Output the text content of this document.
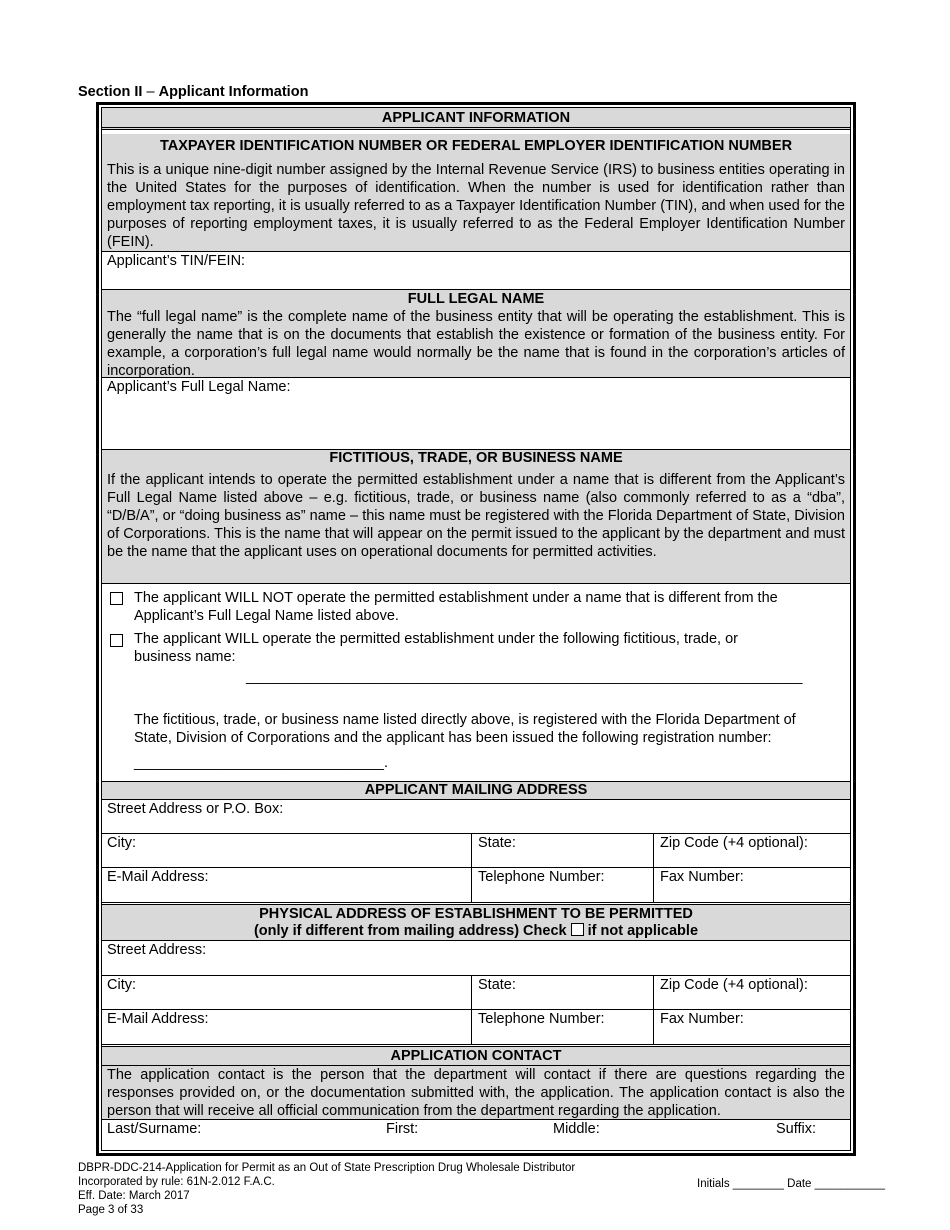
Section II – Applicant Information
APPLICANT INFORMATION
TAXPAYER IDENTIFICATION NUMBER OR FEDERAL EMPLOYER IDENTIFICATION NUMBER
This is a unique nine-digit number assigned by the Internal Revenue Service (IRS) to business entities operating in the United States for the purposes of identification. When the number is used for identification rather than employment tax reporting, it is usually referred to as a Taxpayer Identification Number (TIN), and when used for the purposes of reporting employment taxes, it is usually referred to as the Federal Employer Identification Number (FEIN).
Applicant’s TIN/FEIN:
FULL LEGAL NAME
The “full legal name” is the complete name of the business entity that will be operating the establishment. This is generally the name that is on the documents that establish the existence or formation of the business entity. For example, a corporation’s full legal name would normally be the name that is found in the corporation’s articles of incorporation.
Applicant’s Full Legal Name:
FICTITIOUS, TRADE, OR BUSINESS NAME
If the applicant intends to operate the permitted establishment under a name that is different from the Applicant’s Full Legal Name listed above – e.g. fictitious, trade, or business name (also commonly referred to as a “dba”, “D/B/A”, or “doing business as” name – this name must be registered with the Florida Department of State, Division of Corporations. This is the name that will appear on the permit issued to the applicant by the department and must be the name that the applicant uses on operational documents for permitted activities.
The applicant WILL NOT operate the permitted establishment under a name that is different from the
Applicant’s Full Legal Name listed above.
The applicant WILL operate the permitted establishment under the following fictitious, trade, or
business name:
_____________________________________________________________________
The fictitious, trade, or business name listed directly above, is registered with the Florida Department of
State, Division of Corporations and the applicant has been issued the following registration number:
_______________________________.
APPLICANT MAILING ADDRESS
Street Address or P.O. Box:
City:	State:	Zip Code (+4 optional):
E-Mail Address:	Telephone Number:	Fax Number:
PHYSICAL ADDRESS OF ESTABLISHMENT TO BE PERMITTED
(only if different from mailing address) Check if not applicable
Street Address:
City:	State:	Zip Code (+4 optional):
E-Mail Address:	Telephone Number:	Fax Number:
APPLICATION CONTACT
The application contact is the person that the department will contact if there are questions regarding the responses provided on, or the documentation submitted with, the application. The application contact is also the person that will receive all official communication from the department regarding the application.
Last/Surname:	First:	Middle:	Suffix:
DBPR-DDC-214-Application for Permit as an Out of State Prescription Drug Wholesale Distributor
Incorporated by rule: 61N-2.012 F.A.C.
Eff. Date: March 2017
Page 3 of 33
Initials ________ Date ___________
